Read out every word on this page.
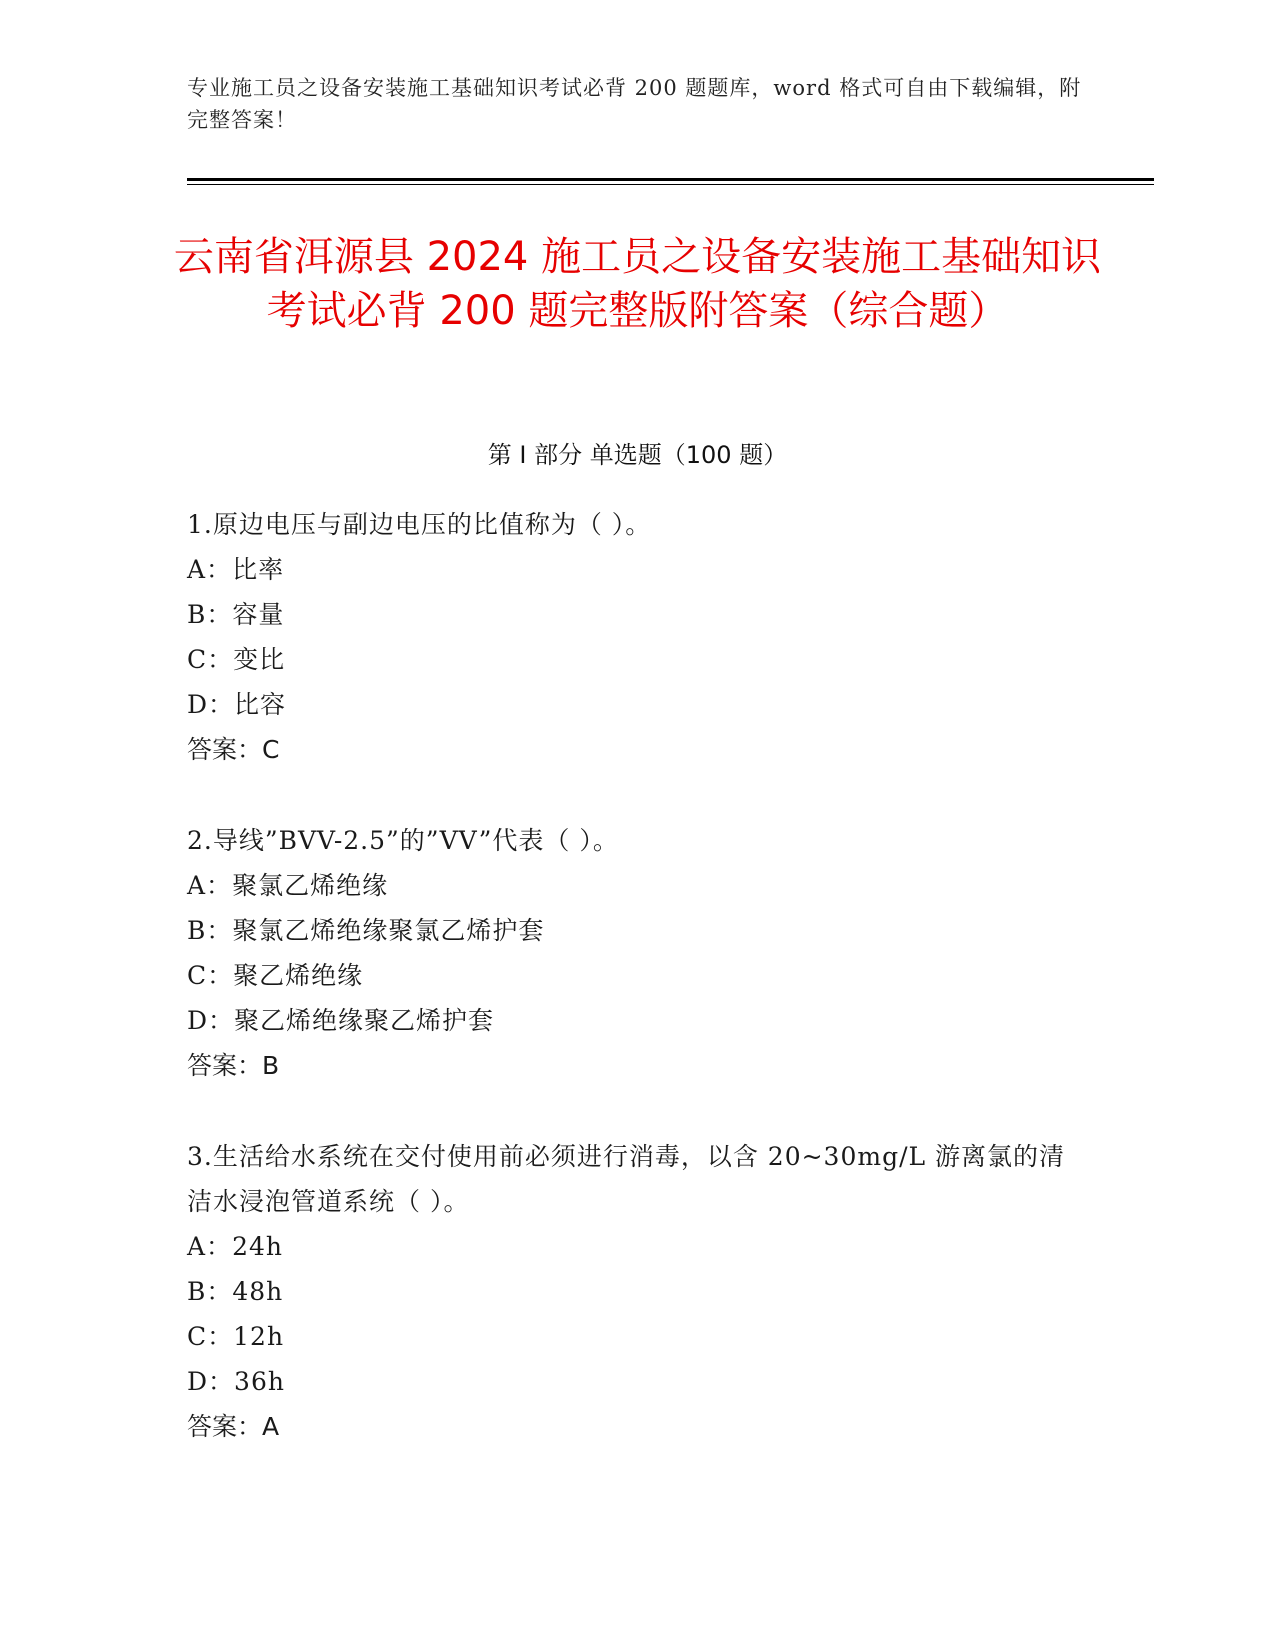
专业施工员之设备安装施工基础知识考试必背 200 题题库，word 格式可自由下载编辑，附完整答案！
云南省洱源县 2024 施工员之设备安装施工基础知识考试必背 200 题完整版附答案（综合题）
第 I 部分 单选题（100 题）
1.原边电压与副边电压的比值称为（ ）。
A：比率
B：容量
C：变比
D：比容
答案：C
2.导线”BVV-2.5”的”VV”代表（ ）。
A：聚氯乙烯绝缘
B：聚氯乙烯绝缘聚氯乙烯护套
C：聚乙烯绝缘
D：聚乙烯绝缘聚乙烯护套
答案：B
3.生活给水系统在交付使用前必须进行消毒，以含 20~30mg/L 游离氯的清洁水浸泡管道系统（ ）。
A：24h
B：48h
C：12h
D：36h
答案：A
